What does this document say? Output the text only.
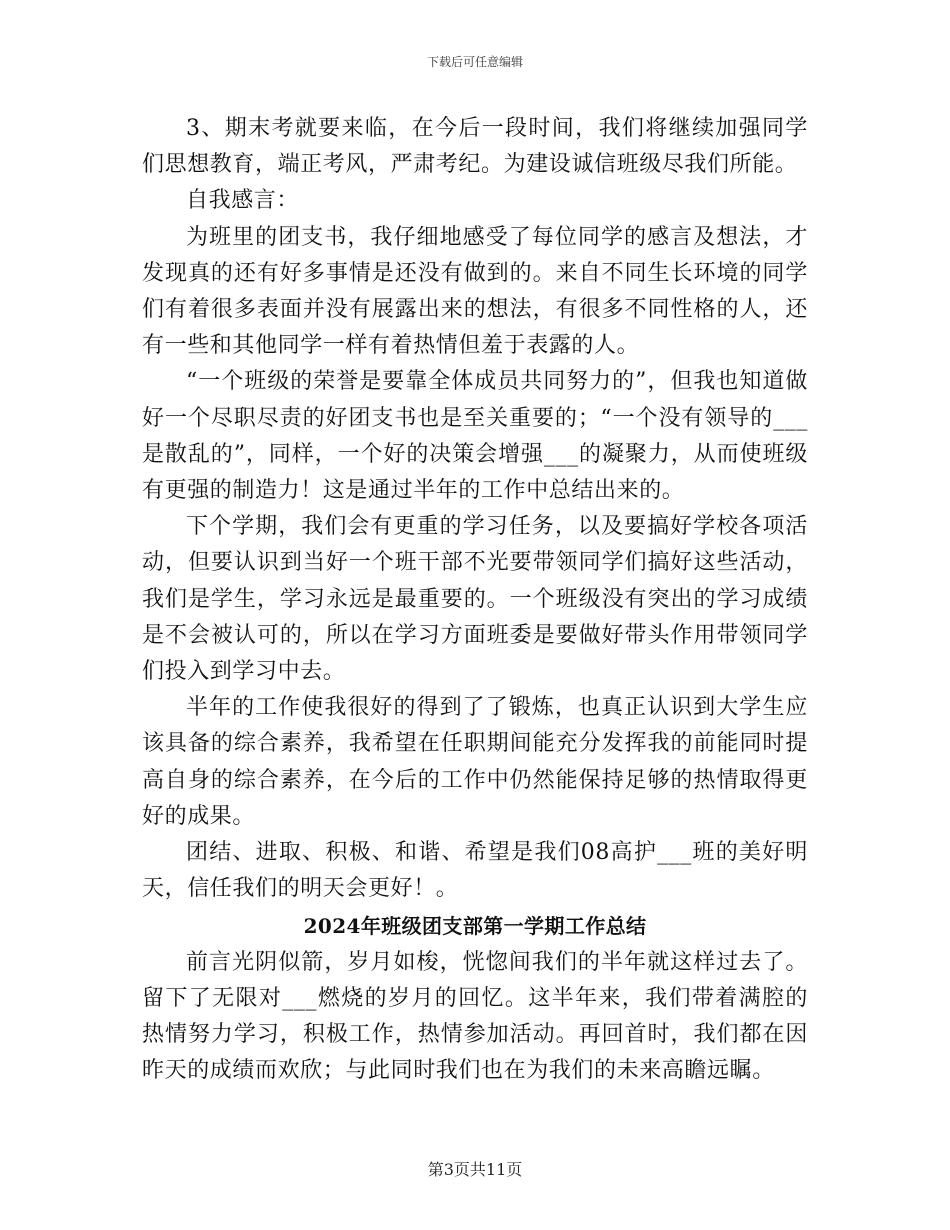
下载后可任意编辑

3、期末考就要来临，在今后一段时间，我们将继续加强同学们思想教育，端正考风，严肃考纪。为建设诚信班级尽我们所能。

自我感言：

为班里的团支书，我仔细地感受了每位同学的感言及想法，才发现真的还有好多事情是还没有做到的。来自不同生长环境的同学们有着很多表面并没有展露出来的想法，有很多不同性格的人，还有一些和其他同学一样有着热情但羞于表露的人。

“一个班级的荣誉是要靠全体成员共同努力的”，但我也知道做好一个尽职尽责的好团支书也是至关重要的；“一个没有领导的___是散乱的”，同样，一个好的决策会增强___的凝聚力，从而使班级有更强的制造力！这是通过半年的工作中总结出来的。

下个学期，我们会有更重的学习任务，以及要搞好学校各项活动，但要认识到当好一个班干部不光要带领同学们搞好这些活动，我们是学生，学习永远是最重要的。一个班级没有突出的学习成绩是不会被认可的，所以在学习方面班委是要做好带头作用带领同学们投入到学习中去。

半年的工作使我很好的得到了了锻炼，也真正认识到大学生应该具备的综合素养，我希望在任职期间能充分发挥我的前能同时提高自身的综合素养，在今后的工作中仍然能保持足够的热情取得更好的成果。

团结、进取、积极、和谐、希望是我们08高护___班的美好明天，信任我们的明天会更好！。

2024年班级团支部第一学期工作总结

前言光阴似箭，岁月如梭，恍惚间我们的半年就这样过去了。留下了无限对___燃烧的岁月的回忆。这半年来，我们带着满腔的热情努力学习，积极工作，热情参加活动。再回首时，我们都在因昨天的成绩而欢欣；与此同时我们也在为我们的未来高瞻远瞩。

第3页共11页
